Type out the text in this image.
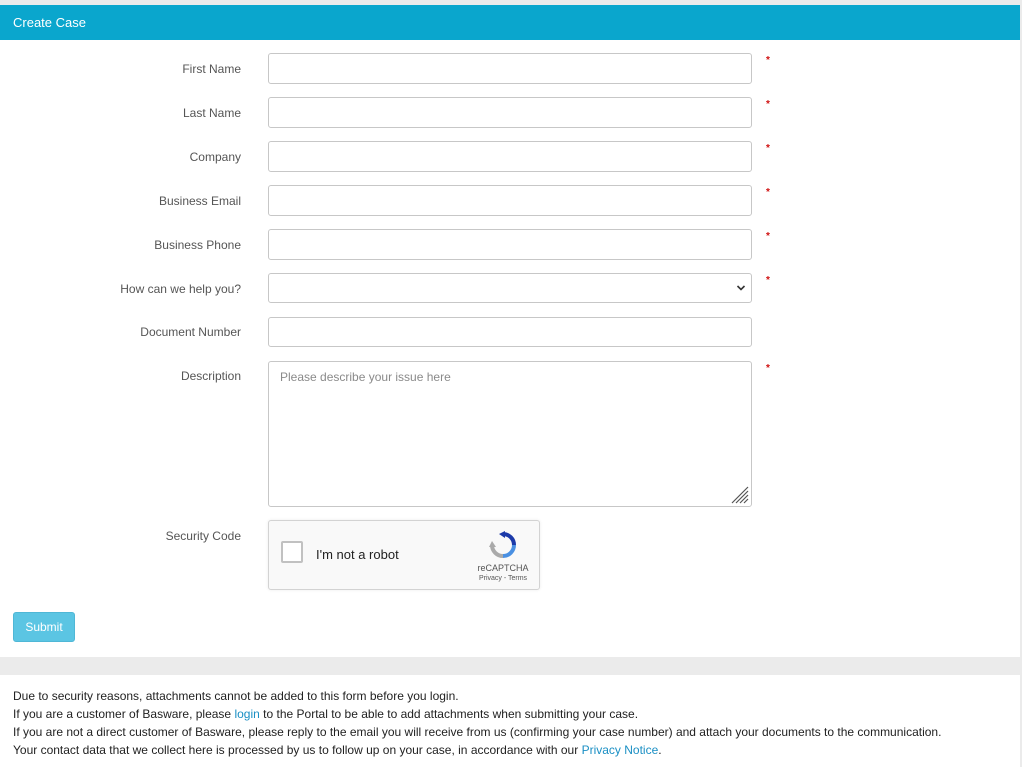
Create Case
First Name
*
Last Name
*
Company
*
Business Email
*
Business Phone
*
How can we help you?
*
Document Number
Description	Please describe your issue here
*
Security Code
I'm not a robot
reCAPTCHA
Privacy - Terms
Submit
Due to security reasons, attachments cannot be added to this form before you login.
If you are a customer of Basware, please login to the Portal to be able to add attachments when submitting your case.
If you are not a direct customer of Basware, please reply to the email you will receive from us (confirming your case number) and attach your documents to the communication.
Your contact data that we collect here is processed by us to follow up on your case, in accordance with our Privacy Notice.
